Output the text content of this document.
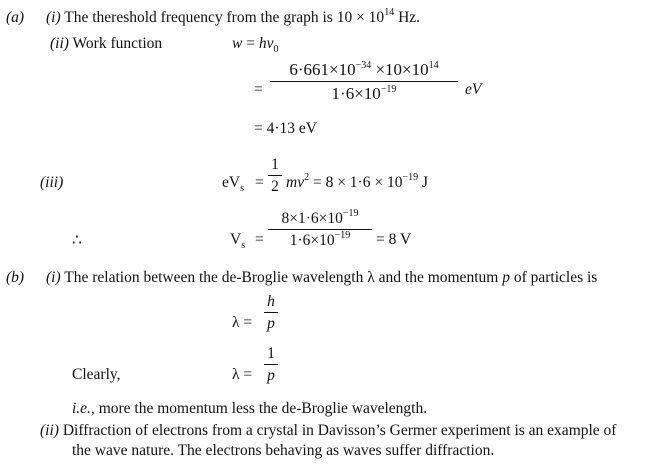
(a) (i) The thereshold frequency from the graph is $10 \times 10^{14}$ Hz.
(ii) Work function	$w = h\nu_0$
=
$6\cdot 661\times 10^{-34} \times 10\times 10^{14}$
$1\cdot 6\times 10^{-19}$	eV
= 4·13 eV
(iii)	$eV_s$ =
1
2 $mv^2 = 8 \times 1\cdot 6 \times 10^{-19}$ J
∴	$V_s$ =
$8\times 1\cdot 6\times 10^{-19}$
$1\cdot 6\times 10^{-19}$	= 8 V
(b) (i) The relation between the de-Broglie wavelength λ and the momentum p of particles is
λ =
h
p
Clearly,	λ =
1
p
i.e., more the momentum less the de-Broglie wavelength.
(ii) Diffraction of electrons from a crystal in Davisson’s Germer experiment is an example of
the wave nature. The electrons behaving as waves suffer diffraction.
